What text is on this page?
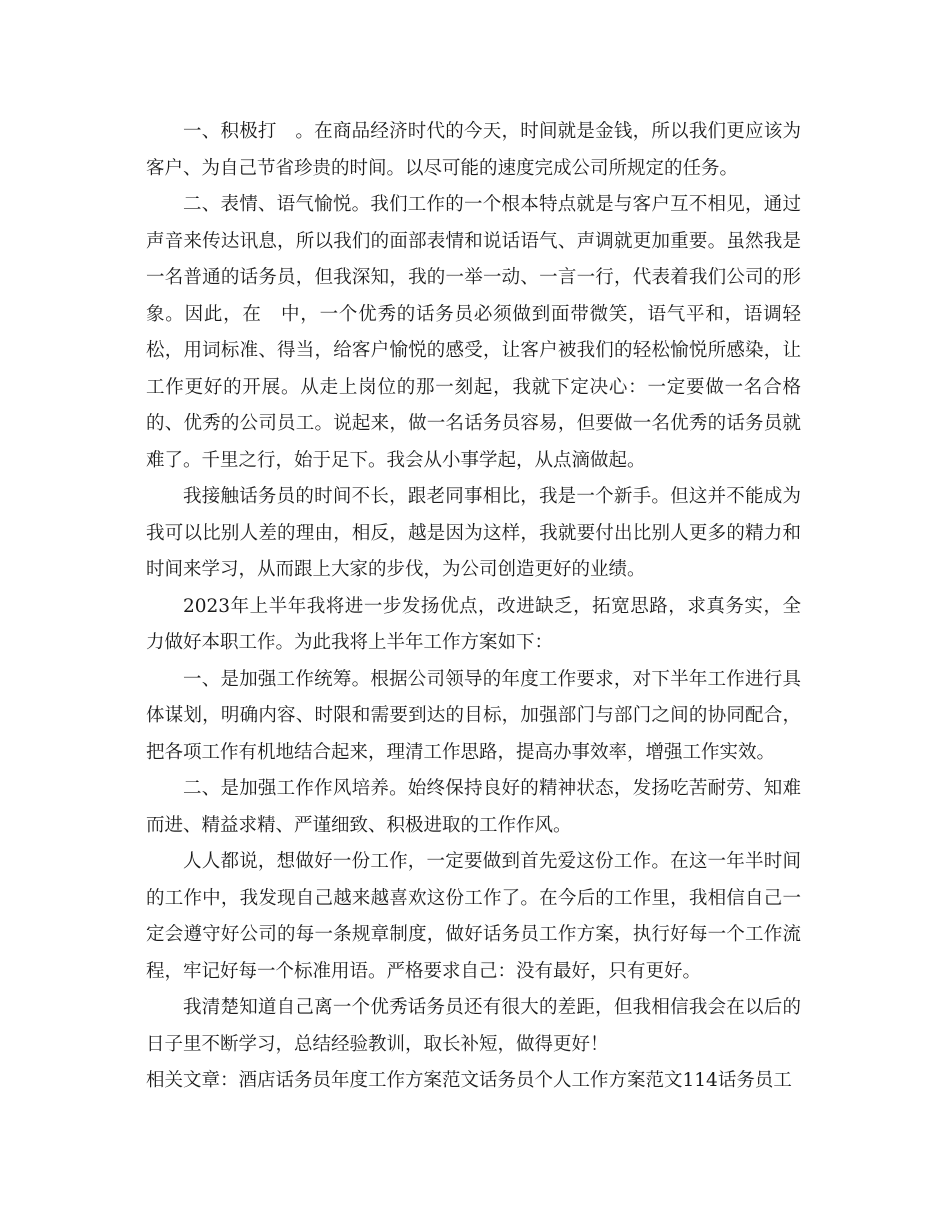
一、积极打　。在商品经济时代的今天，时间就是金钱，所以我们更应该为客户、为自己节省珍贵的时间。以尽可能的速度完成公司所规定的任务。

二、表情、语气愉悦。我们工作的一个根本特点就是与客户互不相见，通过声音来传达讯息，所以我们的面部表情和说话语气、声调就更加重要。虽然我是一名普通的话务员，但我深知，我的一举一动、一言一行，代表着我们公司的形象。因此，在　中，一个优秀的话务员必须做到面带微笑，语气平和，语调轻松，用词标准、得当，给客户愉悦的感受，让客户被我们的轻松愉悦所感染，让工作更好的开展。从走上岗位的那一刻起，我就下定决心：一定要做一名合格的、优秀的公司员工。说起来，做一名话务员容易，但要做一名优秀的话务员就难了。千里之行，始于足下。我会从小事学起，从点滴做起。

我接触话务员的时间不长，跟老同事相比，我是一个新手。但这并不能成为我可以比别人差的理由，相反，越是因为这样，我就要付出比别人更多的精力和时间来学习，从而跟上大家的步伐，为公司创造更好的业绩。

2023年上半年我将进一步发扬优点，改进缺乏，拓宽思路，求真务实，全力做好本职工作。为此我将上半年工作方案如下：

一、是加强工作统筹。根据公司领导的年度工作要求，对下半年工作进行具体谋划，明确内容、时限和需要到达的目标，加强部门与部门之间的协同配合，把各项工作有机地结合起来，理清工作思路，提高办事效率，增强工作实效。

二、是加强工作作风培养。始终保持良好的精神状态，发扬吃苦耐劳、知难而进、精益求精、严谨细致、积极进取的工作作风。

人人都说，想做好一份工作，一定要做到首先爱这份工作。在这一年半时间的工作中，我发现自己越来越喜欢这份工作了。在今后的工作里，我相信自己一定会遵守好公司的每一条规章制度，做好话务员工作方案，执行好每一个工作流程，牢记好每一个标准用语。严格要求自己：没有最好，只有更好。

我清楚知道自己离一个优秀话务员还有很大的差距，但我相信我会在以后的日子里不断学习，总结经验教训，取长补短，做得更好！

相关文章：酒店话务员年度工作方案范文话务员个人工作方案范文114话务员工
